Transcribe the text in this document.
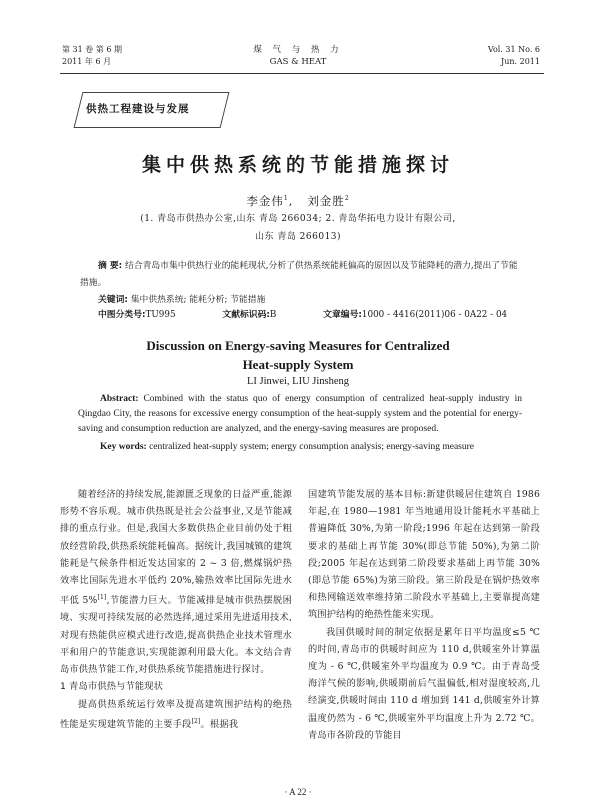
第 31 卷 第 6 期
2011 年 6 月
煤 气 与 热 力
GAS & HEAT
Vol. 31 No. 6
Jun. 2011
供热工程建设与发展
集中供热系统的节能措施探讨
李金伟$^1$,   刘金胜$^2$
(1. 青岛市供热办公室,山东 青岛 266034; 2. 青岛华拓电力设计有限公司,
山东 青岛 266013)
摘 要: 结合青岛市集中供热行业的能耗现状,分析了供热系统能耗偏高的原因以及节能降耗的潜力,提出了节能措施。
关键词: 集中供热系统; 能耗分析; 节能措施
中图分类号:TU995	文献标识码:B	文章编号:1000 - 4416(2011)06 - 0A22 - 04
Discussion on Energy-saving Measures for Centralized
Heat-supply System
LI Jinwei, LIU Jinsheng
Abstract: Combined with the status quo of energy consumption of centralized heat-supply industry in Qingdao City, the reasons for excessive energy consumption of the heat-supply system and the potential for energy-saving and consumption reduction are analyzed, and the energy-saving measures are proposed.
Key words: centralized heat-supply system; energy consumption analysis; energy-saving measure

随着经济的持续发展,能源匮乏现象的日益严重,能源形势不容乐观。城市供热既是社会公益事业,又是节能减排的重点行业。但是,我国大多数供热企业目前仍处于粗放经营阶段,供热系统能耗偏高。据统计,我国城镇的建筑能耗是气候条件相近发达国家的 2 ~ 3 倍,燃煤锅炉热效率比国际先进水平低约 20%,输热效率比国际先进水平低 5%[1],节能潜力巨大。节能减排是城市供热摆脱困境、实现可持续发展的必然选择,通过采用先进适用技术,对现有热能供应模式进行改造,提高供热企业技术管理水平和用户的节能意识,实现能源利用最大化。本文结合青岛市供热节能工作,对供热系统节能措施进行探讨。

1 青岛市供热与节能现状

提高供热系统运行效率及提高建筑围护结构的绝热性能是实现建筑节能的主要手段[2]。根据我

国建筑节能发展的基本目标:新建供暖居住建筑自 1986 年起,在 1980—1981 年当地通用设计能耗水平基础上普遍降低 30%,为第一阶段;1996 年起在达到第一阶段要求的基础上再节能 30%(即总节能 50%),为第二阶段;2005 年起在达到第二阶段要求基础上再节能 30%(即总节能 65%)为第三阶段。第三阶段是在锅炉热效率和热网输送效率维持第二阶段水平基础上,主要靠提高建筑围护结构的绝热性能来实现。

我国供暖时间的制定依据是累年日平均温度≤5 ℃的时间,青岛市的供暖时间应为 110 d,供暖室外计算温度为 - 6 ℃,供暖室外平均温度为 0.9 ℃。由于青岛受海洋气候的影响,供暖期前后气温偏低,相对湿度较高,几经演变,供暖时间由 110 d 增加到 141 d,供暖室外计算温度仍然为 - 6 ℃,供暖室外平均温度上升为 2.72 ℃。青岛市各阶段的节能目

· A 22 ·
